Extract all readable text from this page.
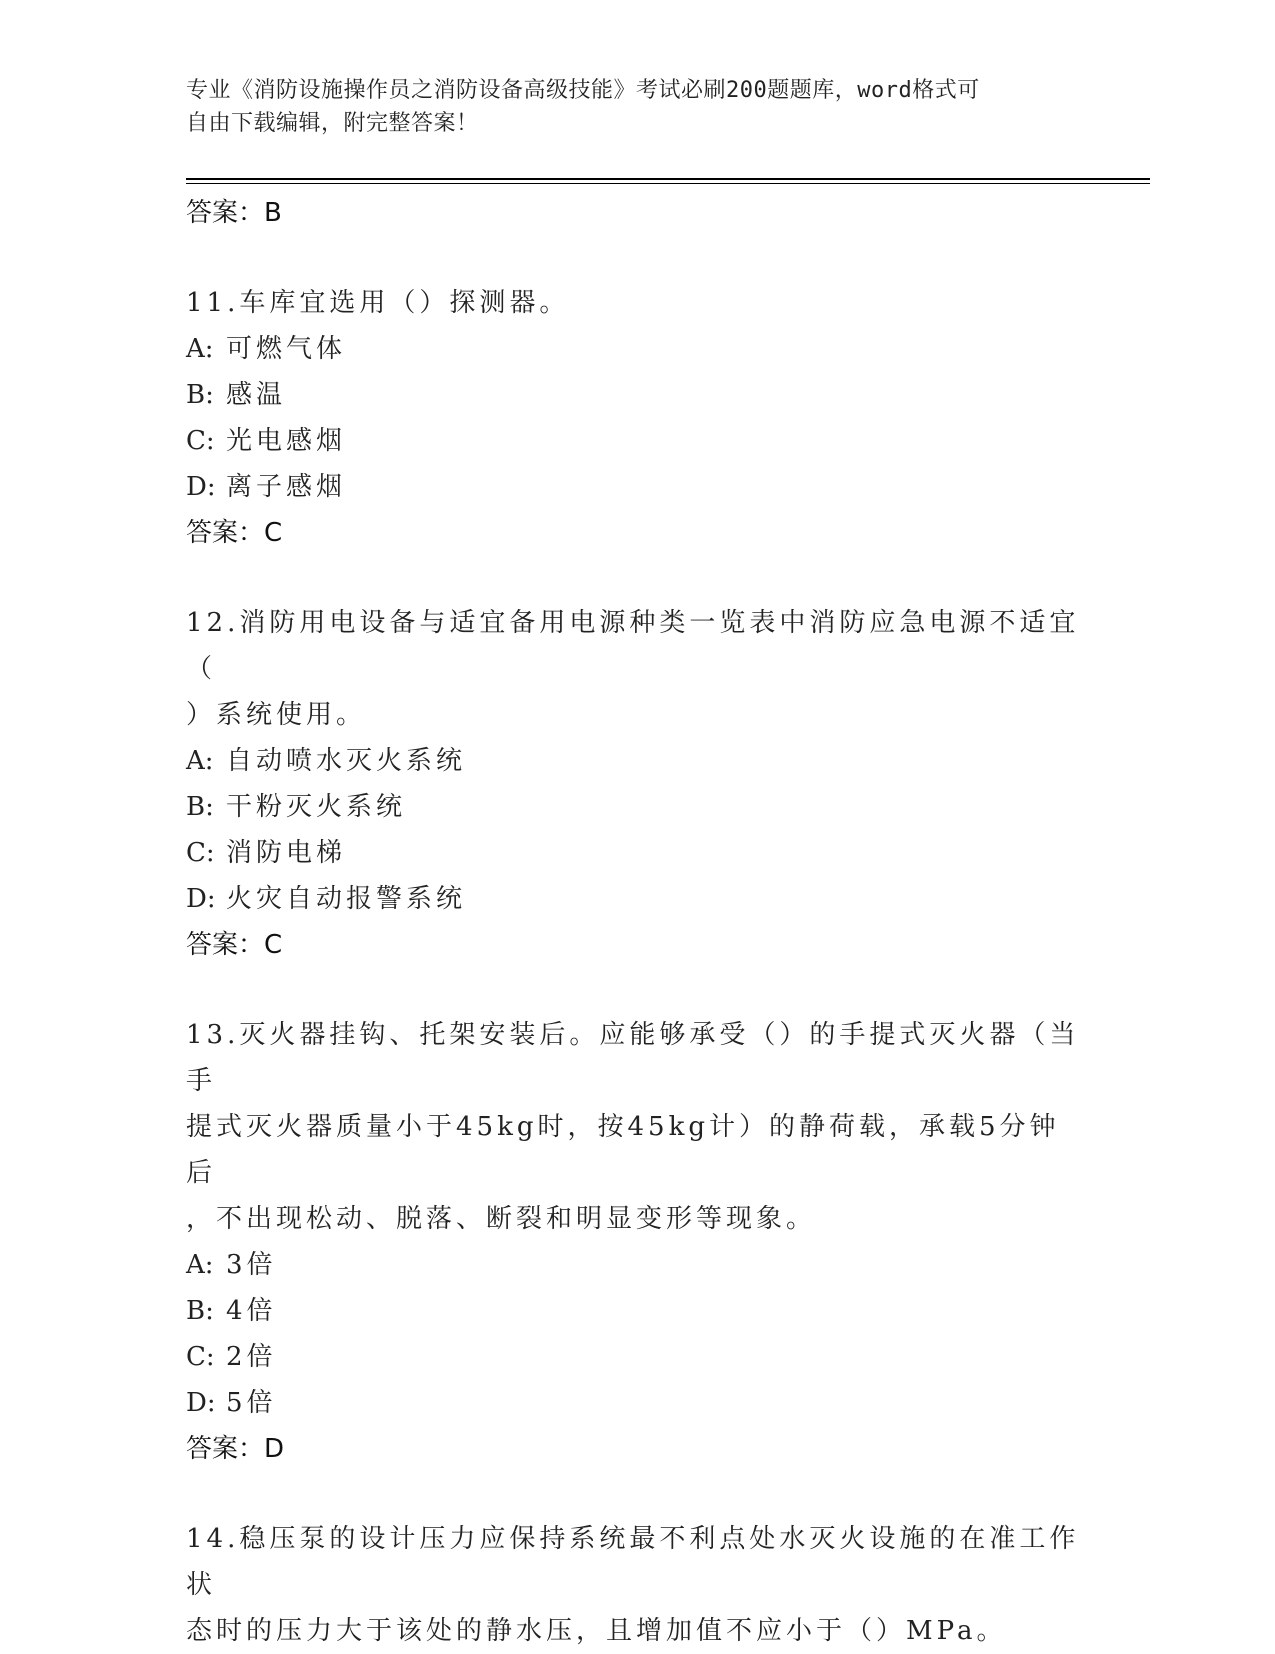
专业《消防设施操作员之消防设备高级技能》考试必刷200题题库，word格式可
自由下载编辑，附完整答案！
答案：B
11.车库宜选用（）探测器。
A: 可燃气体
B: 感温
C: 光电感烟
D: 离子感烟
答案：C
12.消防用电设备与适宜备用电源种类一览表中消防应急电源不适宜（
）系统使用。
A: 自动喷水灭火系统
B: 干粉灭火系统
C: 消防电梯
D: 火灾自动报警系统
答案：C
13.灭火器挂钩、托架安装后。应能够承受（）的手提式灭火器（当手
提式灭火器质量小于45kg时，按45kg计）的静荷载，承载5分钟后
，不出现松动、脱落、断裂和明显变形等现象。
A: 3倍
B: 4倍
C: 2倍
D: 5倍
答案：D
14.稳压泵的设计压力应保持系统最不利点处水灭火设施的在准工作状
态时的压力大于该处的静水压，且增加值不应小于（）MPa。
